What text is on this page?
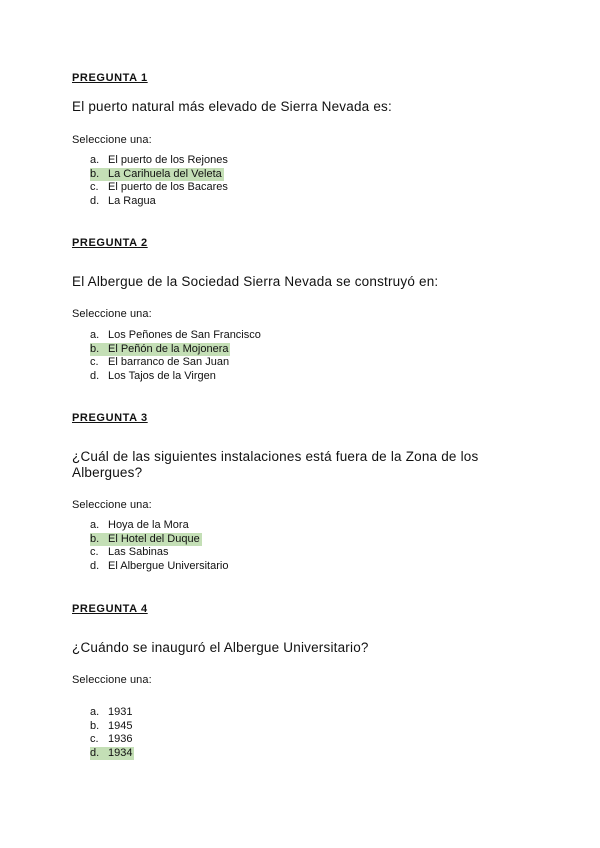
PREGUNTA 1

El puerto natural más elevado de Sierra Nevada es:

Seleccione una:

a. El puerto de los Rejones
b. La Carihuela del Veleta
c. El puerto de los Bacares
d. La Ragua

PREGUNTA 2

El Albergue de la Sociedad Sierra Nevada se construyó en:

Seleccione una:

a. Los Peñones de San Francisco
b. El Peñón de la Mojonera
c. El barranco de San Juan
d. Los Tajos de la Virgen

PREGUNTA 3

¿Cuál de las siguientes instalaciones está fuera de la Zona de los Albergues?

Seleccione una:

a. Hoya de la Mora
b. El Hotel del Duque
c. Las Sabinas
d. El Albergue Universitario

PREGUNTA 4

¿Cuándo se inauguró el Albergue Universitario?

Seleccione una:

a. 1931
b. 1945
c. 1936
d. 1934
